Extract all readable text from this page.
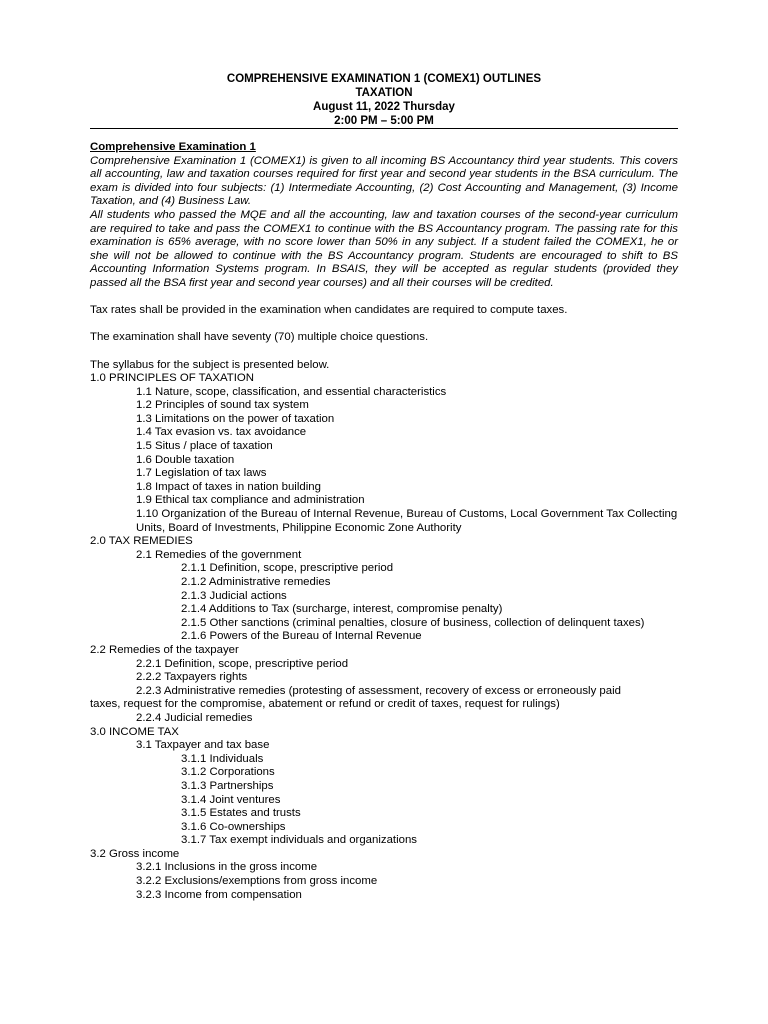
COMPREHENSIVE EXAMINATION 1 (COMEX1) OUTLINES
TAXATION
August 11, 2022 Thursday
2:00 PM – 5:00 PM
Comprehensive Examination 1

Comprehensive Examination 1 (COMEX1) is given to all incoming BS Accountancy third year students. This covers all accounting, law and taxation courses required for first year and second year students in the BSA curriculum. The exam is divided into four subjects: (1) Intermediate Accounting, (2) Cost Accounting and Management, (3) Income Taxation, and (4) Business Law.

All students who passed the MQE and all the accounting, law and taxation courses of the second-year curriculum are required to take and pass the COMEX1 to continue with the BS Accountancy program. The passing rate for this examination is 65% average, with no score lower than 50% in any subject. If a student failed the COMEX1, he or she will not be allowed to continue with the BS Accountancy program. Students are encouraged to shift to BS Accounting Information Systems program. In BSAIS, they will be accepted as regular students (provided they passed all the BSA first year and second year courses) and all their courses will be credited.

Tax rates shall be provided in the examination when candidates are required to compute taxes.

The examination shall have seventy (70) multiple choice questions.

The syllabus for the subject is presented below.

1.0 PRINCIPLES OF TAXATION

1.1 Nature, scope, classification, and essential characteristics

1.2 Principles of sound tax system

1.3 Limitations on the power of taxation

1.4 Tax evasion vs. tax avoidance

1.5 Situs / place of taxation

1.6 Double taxation

1.7 Legislation of tax laws

1.8 Impact of taxes in nation building

1.9 Ethical tax compliance and administration

1.10 Organization of the Bureau of Internal Revenue, Bureau of Customs, Local Government Tax Collecting Units, Board of Investments, Philippine Economic Zone Authority

2.0 TAX REMEDIES

2.1 Remedies of the government

2.1.1 Definition, scope, prescriptive period

2.1.2 Administrative remedies

2.1.3 Judicial actions

2.1.4 Additions to Tax (surcharge, interest, compromise penalty)

2.1.5 Other sanctions (criminal penalties, closure of business, collection of delinquent taxes)

2.1.6 Powers of the Bureau of Internal Revenue

2.2 Remedies of the taxpayer

2.2.1 Definition, scope, prescriptive period

2.2.2 Taxpayers rights

2.2.3 Administrative remedies (protesting of assessment, recovery of excess or erroneously paid

taxes, request for the compromise, abatement or refund or credit of taxes, request for rulings)

2.2.4 Judicial remedies

3.0 INCOME TAX

3.1 Taxpayer and tax base

3.1.1 Individuals

3.1.2 Corporations

3.1.3 Partnerships

3.1.4 Joint ventures

3.1.5 Estates and trusts

3.1.6 Co-ownerships

3.1.7 Tax exempt individuals and organizations

3.2 Gross income

3.2.1 Inclusions in the gross income

3.2.2 Exclusions/exemptions from gross income

3.2.3 Income from compensation
